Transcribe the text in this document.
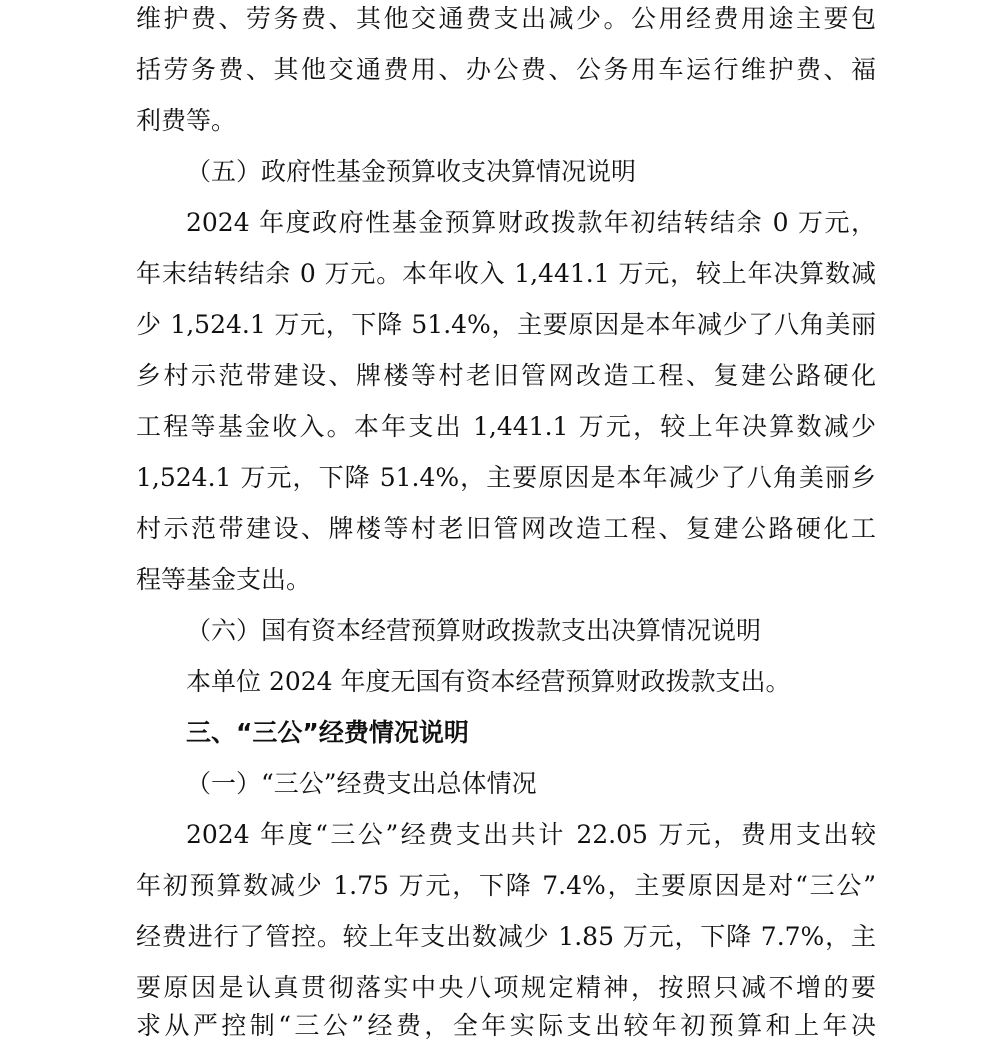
维护费、劳务费、其他交通费支出减少。公用经费用途主要包
括劳务费、其他交通费用、办公费、公务用车运行维护费、福
利费等。
（五）政府性基金预算收支决算情况说明
2024 年度政府性基金预算财政拨款年初结转结余 0 万元，
年末结转结余 0 万元。本年收入 1,441.1 万元，较上年决算数减
少 1,524.1 万元，下降 51.4%，主要原因是本年减少了八角美丽
乡村示范带建设、牌楼等村老旧管网改造工程、复建公路硬化
工程等基金收入。本年支出 1,441.1 万元，较上年决算数减少
1,524.1 万元，下降 51.4%，主要原因是本年减少了八角美丽乡
村示范带建设、牌楼等村老旧管网改造工程、复建公路硬化工
程等基金支出。
（六）国有资本经营预算财政拨款支出决算情况说明
本单位 2024 年度无国有资本经营预算财政拨款支出。
三、“三公”经费情况说明
（一）“三公”经费支出总体情况
2024 年度“三公”经费支出共计 22.05 万元，费用支出较
年初预算数减少 1.75 万元，下降 7.4%，主要原因是对“三公”
经费进行了管控。较上年支出数减少 1.85 万元，下降 7.7%，主
要原因是认真贯彻落实中央八项规定精神，按照只减不增的要
求从严控制“三公”经费，全年实际支出较年初预算和上年决
